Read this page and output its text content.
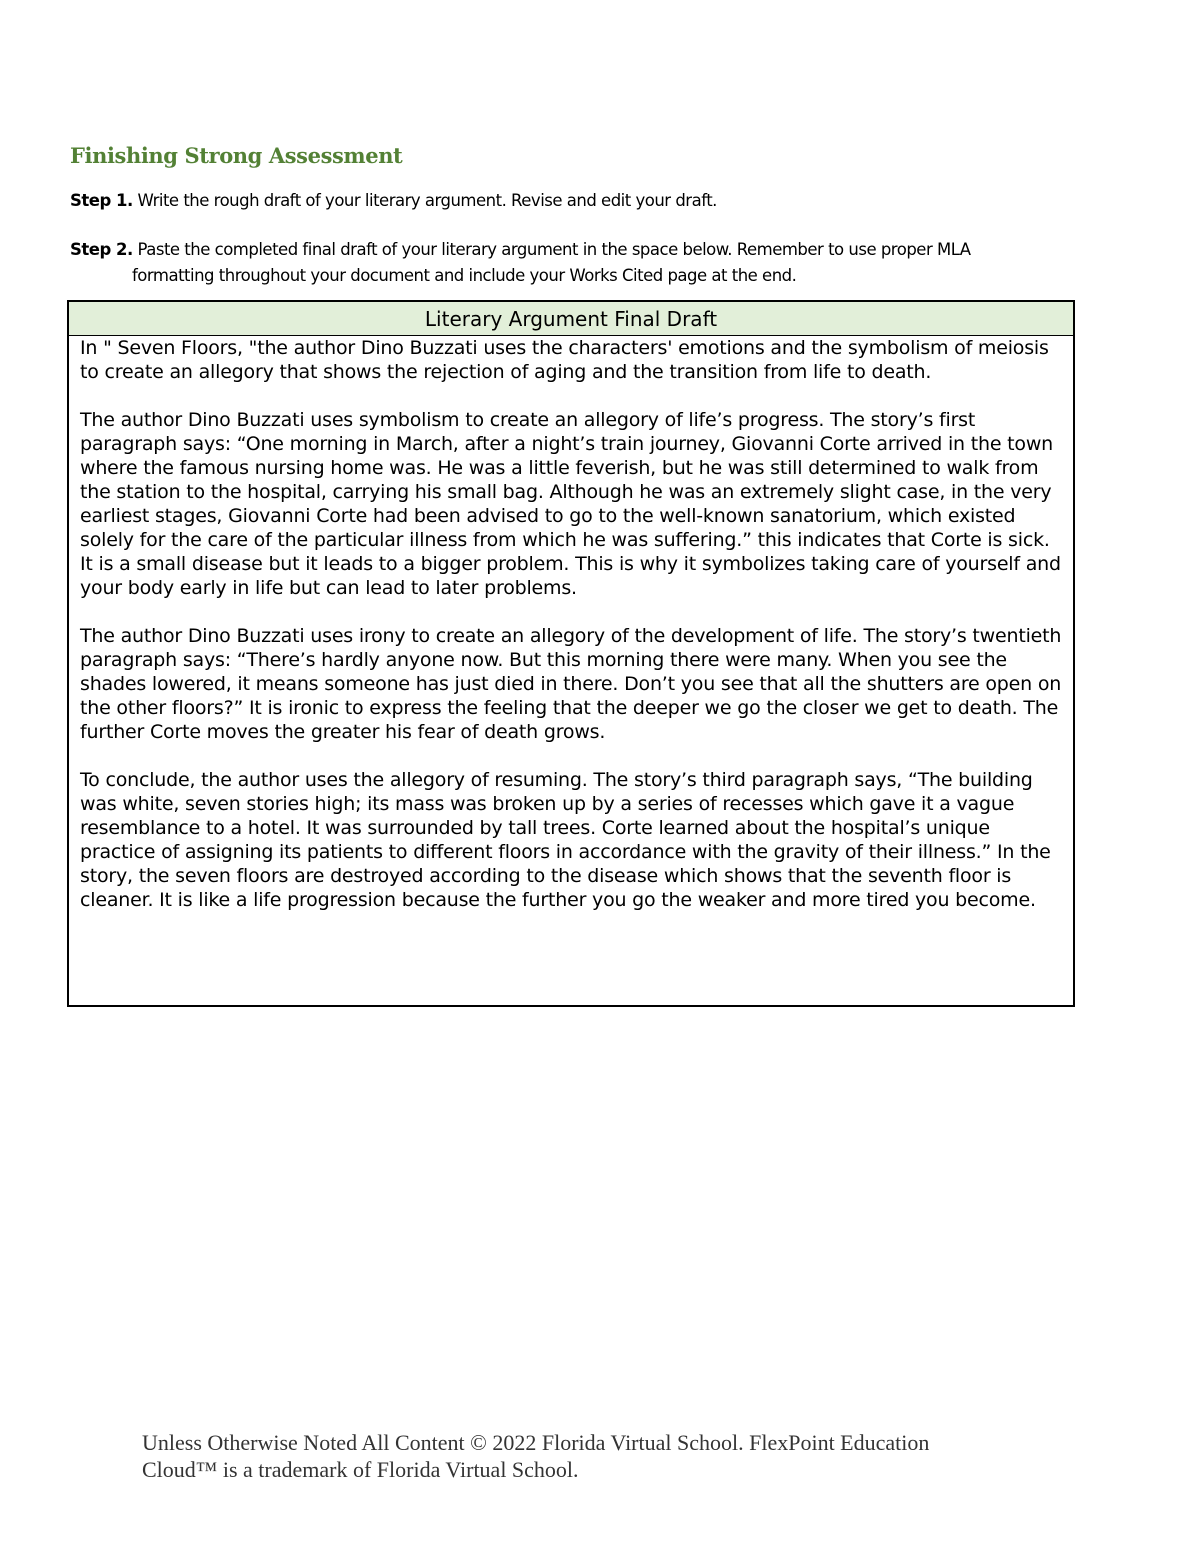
Finishing Strong Assessment

Step 1. Write the rough draft of your literary argument. Revise and edit your draft.

Step 2. Paste the completed final draft of your literary argument in the space below. Remember to use proper MLA
formatting throughout your document and include your Works Cited page at the end.

Literary Argument Final Draft

In " Seven Floors, "the author Dino Buzzati uses the characters' emotions and the symbolism of meiosis to create an allegory that shows the rejection of aging and the transition from life to death.

The author Dino Buzzati uses symbolism to create an allegory of life’s progress. The story’s first paragraph says: “One morning in March, after a night’s train journey, Giovanni Corte arrived in the town where the famous nursing home was. He was a little feverish, but he was still determined to walk from the station to the hospital, carrying his small bag. Although he was an extremely slight case, in the very earliest stages, Giovanni Corte had been advised to go to the well-known sanatorium, which existed solely for the care of the particular illness from which he was suffering.” this indicates that Corte is sick. It is a small disease but it leads to a bigger problem. This is why it symbolizes taking care of yourself and your body early in life but can lead to later problems.

The author Dino Buzzati uses irony to create an allegory of the development of life. The story’s twentieth paragraph says: “There’s hardly anyone now. But this morning there were many. When you see the shades lowered, it means someone has just died in there. Don’t you see that all the shutters are open on the other floors?” It is ironic to express the feeling that the deeper we go the closer we get to death. The further Corte moves the greater his fear of death grows.

To conclude, the author uses the allegory of resuming. The story’s third paragraph says, “The building was white, seven stories high; its mass was broken up by a series of recesses which gave it a vague resemblance to a hotel. It was surrounded by tall trees. Corte learned about the hospital’s unique practice of assigning its patients to different floors in accordance with the gravity of their illness.” In the story, the seven floors are destroyed according to the disease which shows that the seventh floor is cleaner. It is like a life progression because the further you go the weaker and more tired you become.

Unless Otherwise Noted All Content © 2022 Florida Virtual School. FlexPoint Education
Cloud™ is a trademark of Florida Virtual School.
